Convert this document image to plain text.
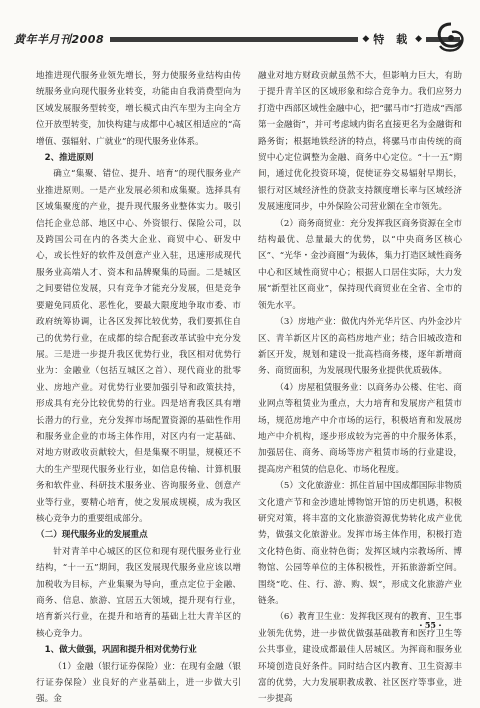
黄年半月刊2008	◆ 特 载 ◆

地推进现代服务业领先增长，努力使服务业结构由传统服务业向现代服务业转变，功能由自我消费型向为区域发展服务型转变，增长模式由汽车型为主向全方位开放型转变，加快构建与成都中心城区相适应的“高增值、强辐射、广就业”的现代服务业体系。

2、推进原则

确立“集聚、错位、提升、培育”的现代服务业产业推进原则。一是产业发展必须和成集聚。选择具有区域集聚度的产业，提升现代服务业整体实力。吸引信托企业总部、地区中心、外资银行、保险公司，以及跨国公司在内的各类大企业、商贸中心、研发中心，或长性好的软件及创意产业入驻，迅速形成现代服务业高端人才、资本和品牌聚集的局面。二是城区之间要错位发展，只有竞争才能充分发展，但是竞争要避免同质化、恶性化，要最大限度地争取市委、市政府统筹协调，让各区发挥比较优势，我们要抓住自己的优势行业，在成都的综合配套改革试验中充分发展。三是进一步提升我区优势行业，我区相对优势行业为：金融业（包括互城区之首）、现代商业的批零业、房地产业。对优势行业要加强引导和政策扶持，形成具有充分比较优势的行业。四是培育我区具有增长潜力的行业，充分发挥市场配置资源的基础性作用和服务业企业的市场主体作用，对区内有一定基础、对地方财政收贡献较大，但是集聚不明显，规模还不大的生产型现代服务业行业，如信息传输、计算机服务和软件业、科研技术服务业、咨询服务业、创意产业等行业，要精心培育，使之发展成规模，成为我区核心竞争力的重要组成部分。

（二）现代服务业的发展重点

针对青羊中心城区的区位和现有现代服务业行业结构，“十一五”期间，我区发展现代服务业应该以增加税收为目标，产业集聚为导向，重点定位于金融、商务、信息、旅游、宜居五大领域，提升现有行业，培育新兴行业，在提升和培育的基础上壮大青羊区的核心竞争力。

1、做大做强，巩固和提升相对优势行业

（1）金融（银行证券保险）业：在现有金融（银行证券保险）业良好的产业基础上，进一步做大引强。金

融业对地方财政贡献虽然不大，但影响力巨大，有助于提升青羊区的区域形象和综合竞争力。我们应努力打造中西部区域性金融中心，把“骡马市”打造成“西部第一金融街”，并可考虑域内街名直接更名为金融街和路务街；根据地铁经济的特点，将骡马市由传统的商贸中心定位调整为金融、商务中心定位。“十一五”期间，通过优化投资环境，促使证券交易辐射早期长，银行对区域经济性的贷款支持额度增长率与区域经济发展速度同步，中外保险公司营业额在全市领先。

（2）商务商贸业：充分发挥我区商务资源在全市结构最优、总量最大的优势，以“中央商务区核心区”、“光华・金沙商圈”为载体，集力打造区域性商务中心和区域性商贸中心；根据人口居住实际，大力发展“新型社区商业”，保持现代商贸业在全省、全市的领先水平。

（3）房地产业：做优内外光华片区、内外金沙片区、青羊新区片区的高档房地产业；结合旧城改造和新区开发，规划和建设一批高档商务楼，逐年新增商务、商贸面积，为发展现代服务业提供优质载体。

（4）房屋租赁服务业：以商务办公楼、住宅、商业网点等租赁业为重点，大力培育和发展房产租赁市场，规范房地产中介市场的运行，积极培育和发展房地产中介机构，逐步形成较为完善的中介服务体系，加强居住、商务、商场等房产租赁市场的行业建设，提高房产租赁的信息化、市场化程度。

（5）文化旅游业：抓住首届中国成都国际非物质文化遗产节和金沙遗址博物馆开馆的历史机遇，积极研究对策，将丰富的文化旅游资源优势转化成产业优势，做强文化旅游业。发挥市场主体作用，积极打造文化特色街、商业特色街；发挥区域内宗教场所、博物馆、公园等单位的主体积极性，开拓旅游新空间。围绕“吃、住、行、游、购、娱”，形成文化旅游产业链条。

（6）教育卫生业：发挥我区现有的教育、卫生事业领先优势，进一步做优做强基础教育和医疗卫生等公共事业，建设成都最佳人居城区。为挥商和服务业环境创造良好条件。同时结合区内教育、卫生资源丰富的优势，大力发展职教成教、社区医疗等事业，进一步提高

・55・
